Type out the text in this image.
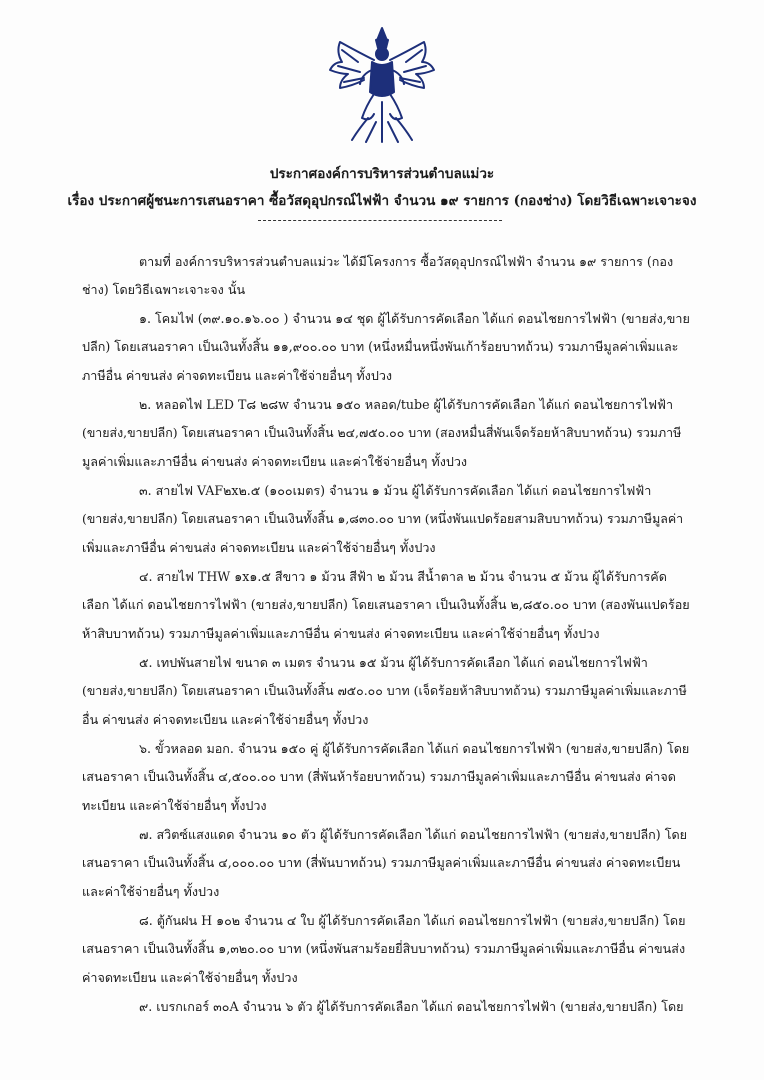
ประกาศองค์การบริหารส่วนตำบลแม่วะ
เรื่อง ประกาศผู้ชนะการเสนอราคา ซื้อวัสดุอุปกรณ์ไฟฟ้า จำนวน ๑๙ รายการ (กองช่าง) โดยวิธีเฉพาะเจาะจง
ตามที่ องค์การบริหารส่วนตำบลแม่วะ ได้มีโครงการ ซื้อวัสดุอุปกรณ์ไฟฟ้า จำนวน ๑๙ รายการ (กอง
ช่าง) โดยวิธีเฉพาะเจาะจง นั้น
๑. โคมไฟ (๓๙.๑๐.๑๖.๐๐ ) จำนวน ๑๔ ชุด ผู้ได้รับการคัดเลือก ได้แก่ ดอนไชยการไฟฟ้า (ขายส่ง,ขาย
ปลีก) โดยเสนอราคา เป็นเงินทั้งสิ้น ๑๑,๙๐๐.๐๐ บาท (หนึ่งหมื่นหนึ่งพันเก้าร้อยบาทถ้วน) รวมภาษีมูลค่าเพิ่มและ
ภาษีอื่น ค่าขนส่ง ค่าจดทะเบียน และค่าใช้จ่ายอื่นๆ ทั้งปวง
๒. หลอดไฟ LED T๘ ๒๘w จำนวน ๑๕๐ หลอด/tube ผู้ได้รับการคัดเลือก ได้แก่ ดอนไชยการไฟฟ้า
(ขายส่ง,ขายปลีก) โดยเสนอราคา เป็นเงินทั้งสิ้น ๒๔,๗๕๐.๐๐ บาท (สองหมื่นสี่พันเจ็ดร้อยห้าสิบบาทถ้วน) รวมภาษี
มูลค่าเพิ่มและภาษีอื่น ค่าขนส่ง ค่าจดทะเบียน และค่าใช้จ่ายอื่นๆ ทั้งปวง
๓. สายไฟ VAF๒x๒.๕ (๑๐๐เมตร) จำนวน ๑ ม้วน ผู้ได้รับการคัดเลือก ได้แก่ ดอนไชยการไฟฟ้า
(ขายส่ง,ขายปลีก) โดยเสนอราคา เป็นเงินทั้งสิ้น ๑,๘๓๐.๐๐ บาท (หนึ่งพันแปดร้อยสามสิบบาทถ้วน) รวมภาษีมูลค่า
เพิ่มและภาษีอื่น ค่าขนส่ง ค่าจดทะเบียน และค่าใช้จ่ายอื่นๆ ทั้งปวง
๔. สายไฟ THW ๑x๑.๕ สีขาว ๑ ม้วน สีฟ้า ๒ ม้วน สีน้ำตาล ๒ ม้วน จำนวน ๕ ม้วน ผู้ได้รับการคัด
เลือก ได้แก่ ดอนไชยการไฟฟ้า (ขายส่ง,ขายปลีก) โดยเสนอราคา เป็นเงินทั้งสิ้น ๒,๘๕๐.๐๐ บาท (สองพันแปดร้อย
ห้าสิบบาทถ้วน) รวมภาษีมูลค่าเพิ่มและภาษีอื่น ค่าขนส่ง ค่าจดทะเบียน และค่าใช้จ่ายอื่นๆ ทั้งปวง
๕. เทปพันสายไฟ ขนาด ๓ เมตร จำนวน ๑๕ ม้วน ผู้ได้รับการคัดเลือก ได้แก่ ดอนไชยการไฟฟ้า
(ขายส่ง,ขายปลีก) โดยเสนอราคา เป็นเงินทั้งสิ้น ๗๕๐.๐๐ บาท (เจ็ดร้อยห้าสิบบาทถ้วน) รวมภาษีมูลค่าเพิ่มและภาษี
อื่น ค่าขนส่ง ค่าจดทะเบียน และค่าใช้จ่ายอื่นๆ ทั้งปวง
๖. ขั้วหลอด มอก. จำนวน ๑๕๐ คู่ ผู้ได้รับการคัดเลือก ได้แก่ ดอนไชยการไฟฟ้า (ขายส่ง,ขายปลีก) โดย
เสนอราคา เป็นเงินทั้งสิ้น ๔,๕๐๐.๐๐ บาท (สี่พันห้าร้อยบาทถ้วน) รวมภาษีมูลค่าเพิ่มและภาษีอื่น ค่าขนส่ง ค่าจด
ทะเบียน และค่าใช้จ่ายอื่นๆ ทั้งปวง
๗. สวิตซ์แสงแดด จำนวน ๑๐ ตัว ผู้ได้รับการคัดเลือก ได้แก่ ดอนไชยการไฟฟ้า (ขายส่ง,ขายปลีก) โดย
เสนอราคา เป็นเงินทั้งสิ้น ๔,๐๐๐.๐๐ บาท (สี่พันบาทถ้วน) รวมภาษีมูลค่าเพิ่มและภาษีอื่น ค่าขนส่ง ค่าจดทะเบียน
และค่าใช้จ่ายอื่นๆ ทั้งปวง
๘. ตู้กันฝน H ๑๐๒ จำนวน ๔ ใบ ผู้ได้รับการคัดเลือก ได้แก่ ดอนไชยการไฟฟ้า (ขายส่ง,ขายปลีก) โดย
เสนอราคา เป็นเงินทั้งสิ้น ๑,๓๒๐.๐๐ บาท (หนึ่งพันสามร้อยยี่สิบบาทถ้วน) รวมภาษีมูลค่าเพิ่มและภาษีอื่น ค่าขนส่ง
ค่าจดทะเบียน และค่าใช้จ่ายอื่นๆ ทั้งปวง
๙. เบรกเกอร์ ๓๐A จำนวน ๖ ตัว ผู้ได้รับการคัดเลือก ได้แก่ ดอนไชยการไฟฟ้า (ขายส่ง,ขายปลีก) โดย
